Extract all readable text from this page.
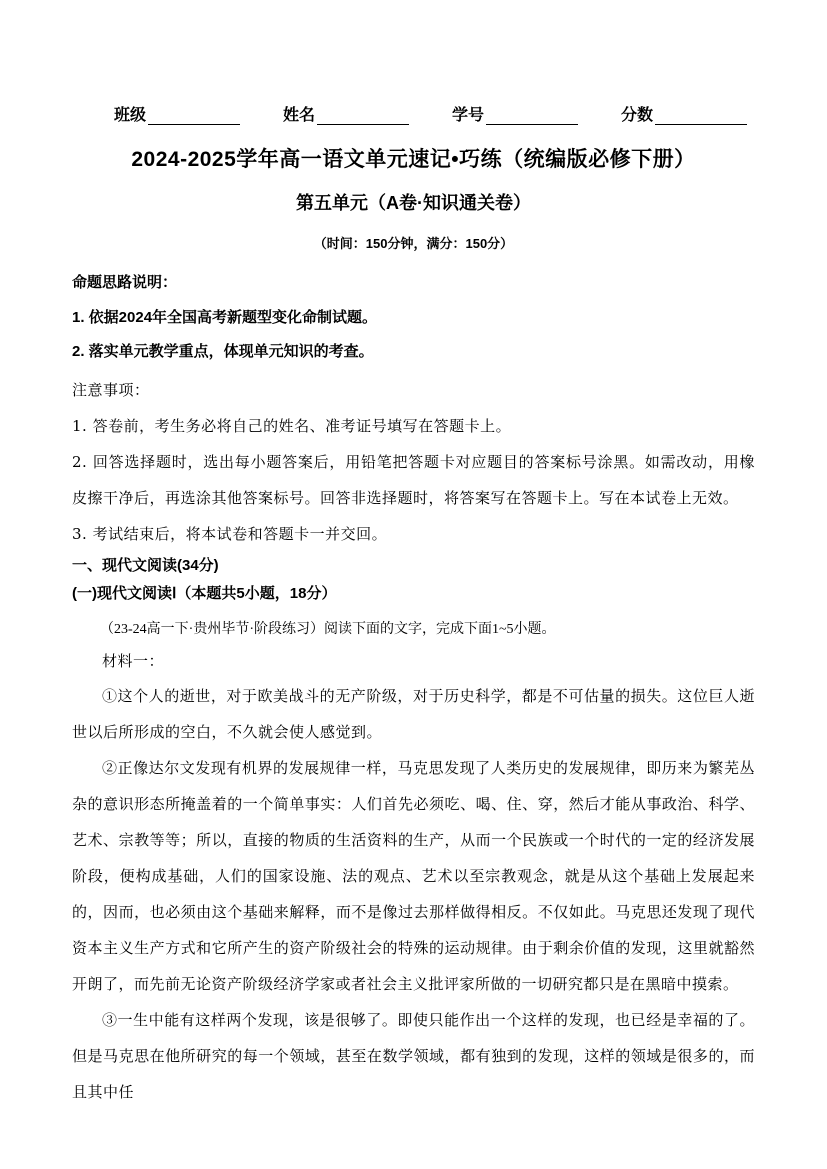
班级	姓名	学号	分数
2024-2025学年高一语文单元速记•巧练（统编版必修下册）
第五单元（A卷·知识通关卷）
（时间：150分钟，满分：150分）

命题思路说明：

1. 依据2024年全国高考新题型变化命制试题。

2. 落实单元教学重点，体现单元知识的考查。

注意事项：

1. 答卷前，考生务必将自己的姓名、准考证号填写在答题卡上。

2. 回答选择题时，选出每小题答案后，用铅笔把答题卡对应题目的答案标号涂黑。如需改动，用橡皮擦干净后，再选涂其他答案标号。回答非选择题时，将答案写在答题卡上。写在本试卷上无效。

3. 考试结束后，将本试卷和答题卡一并交回。

一、现代文阅读(34分)
(一)现代文阅读Ⅰ（本题共5小题，18分）
（23-24高一下·贵州毕节·阶段练习）阅读下面的文字，完成下面1~5小题。

材料一：

①这个人的逝世，对于欧美战斗的无产阶级，对于历史科学，都是不可估量的损失。这位巨人逝世以后所形成的空白，不久就会使人感觉到。

②正像达尔文发现有机界的发展规律一样，马克思发现了人类历史的发展规律，即历来为繁芜丛杂的意识形态所掩盖着的一个简单事实：人们首先必须吃、喝、住、穿，然后才能从事政治、科学、艺术、宗教等等；所以，直接的物质的生活资料的生产，从而一个民族或一个时代的一定的经济发展阶段，便构成基础，人们的国家设施、法的观点、艺术以至宗教观念，就是从这个基础上发展起来的，因而，也必须由这个基础来解释，而不是像过去那样做得相反。不仅如此。马克思还发现了现代资本主义生产方式和它所产生的资产阶级社会的特殊的运动规律。由于剩余价值的发现，这里就豁然开朗了，而先前无论资产阶级经济学家或者社会主义批评家所做的一切研究都只是在黑暗中摸索。

③一生中能有这样两个发现，该是很够了。即使只能作出一个这样的发现，也已经是幸福的了。但是马克思在他所研究的每一个领域，甚至在数学领域，都有独到的发现，这样的领域是很多的，而且其中任
